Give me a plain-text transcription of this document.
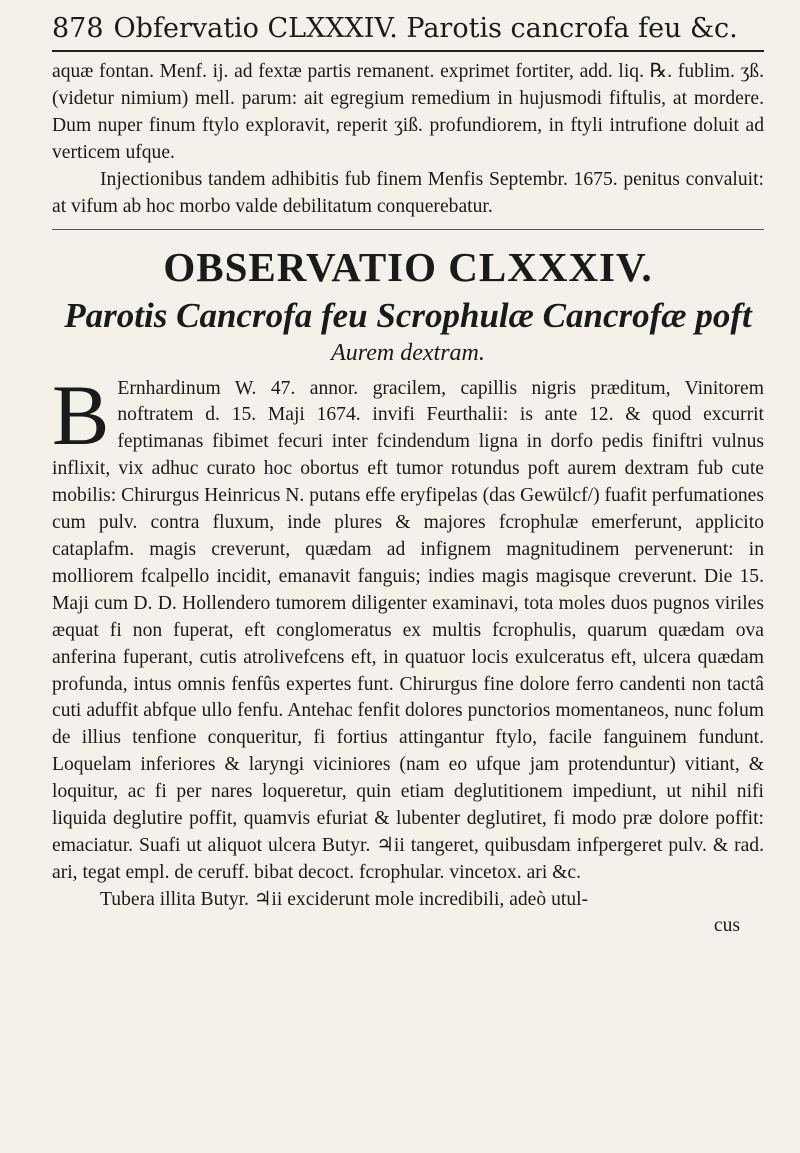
878 Obfervatio CLXXXIV. Parotis cancrofa feu &c.

aquæ fontan. Menf. ij. ad fextæ partis remanent. exprimet fortiter, add. liq. ℞. fublim. ʒß. (videtur nimium) mell. parum: ait egregium remedium in hujusmodi fiftulis, at mordere. Dum nuper finum ftylo exploravit, reperit ʒiß. profundiorem, in ftyli intrufione doluit ad verticem ufque.

Injectionibus tandem adhibitis fub finem Menfis Septembr. 1675. penitus convaluit: at vifum ab hoc morbo valde debilitatum conquerebatur.

OBSERVATIO CLXXXIV.
Parotis Cancrofa feu Scrophulæ Cancrofæ poft
Aurem dextram.
B Ernhardinum W. 47. annor. gracilem, capillis nigris præditum, Vinitorem noftratem d. 15. Maji 1674. invifi Feurthalii: is ante 12. & quod excurrit feptimanas fibimet fecuri inter fcindendum ligna in dorfo pedis finiftri vulnus inflixit, vix adhuc curato hoc obortus eft tumor rotundus poft aurem dextram fub cute mobilis: Chirurgus Heinricus N. putans effe eryfipelas (das Gewülcf/) fuafit perfumationes cum pulv. contra fluxum, inde plures & majores fcrophulæ emerferunt, applicito cataplafm. magis creverunt, quædam ad infignem magnitudinem pervenerunt: in molliorem fcalpello incidit, emanavit fanguis; indies magis magisque creverunt. Die 15. Maji cum D. D. Hollendero tumorem diligenter examinavi, tota moles duos pugnos viriles æquat fi non fuperat, eft conglomeratus ex multis fcrophulis, quarum quædam ova anferina fuperant, cutis atrolivefcens eft, in quatuor locis exulceratus eft, ulcera quædam profunda, intus omnis fenfûs expertes funt. Chirurgus fine dolore ferro candenti non tactâ cuti aduffit abfque ullo fenfu. Antehac fenfit dolores punctorios momentaneos, nunc folum de illius tenfione conqueritur, fi fortius attingantur ftylo, facile fanguinem fundunt. Loquelam inferiores & laryngi viciniores (nam eo ufque jam protenduntur) vitiant, & loquitur, ac fi per nares loqueretur, quin etiam deglutitionem impediunt, ut nihil nifi liquida deglutire poffit, quamvis efuriat & lubenter deglutiret, fi modo præ dolore poffit: emaciatur. Suafi ut aliquot ulcera Butyr. ♃ii tangeret, quibusdam infpergeret pulv. & rad. ari, tegat empl. de ceruff. bibat decoct. fcrophular. vincetox. ari &c.

Tubera illita Butyr. ♃ii exciderunt mole incredibili, adeò utul-

cus
